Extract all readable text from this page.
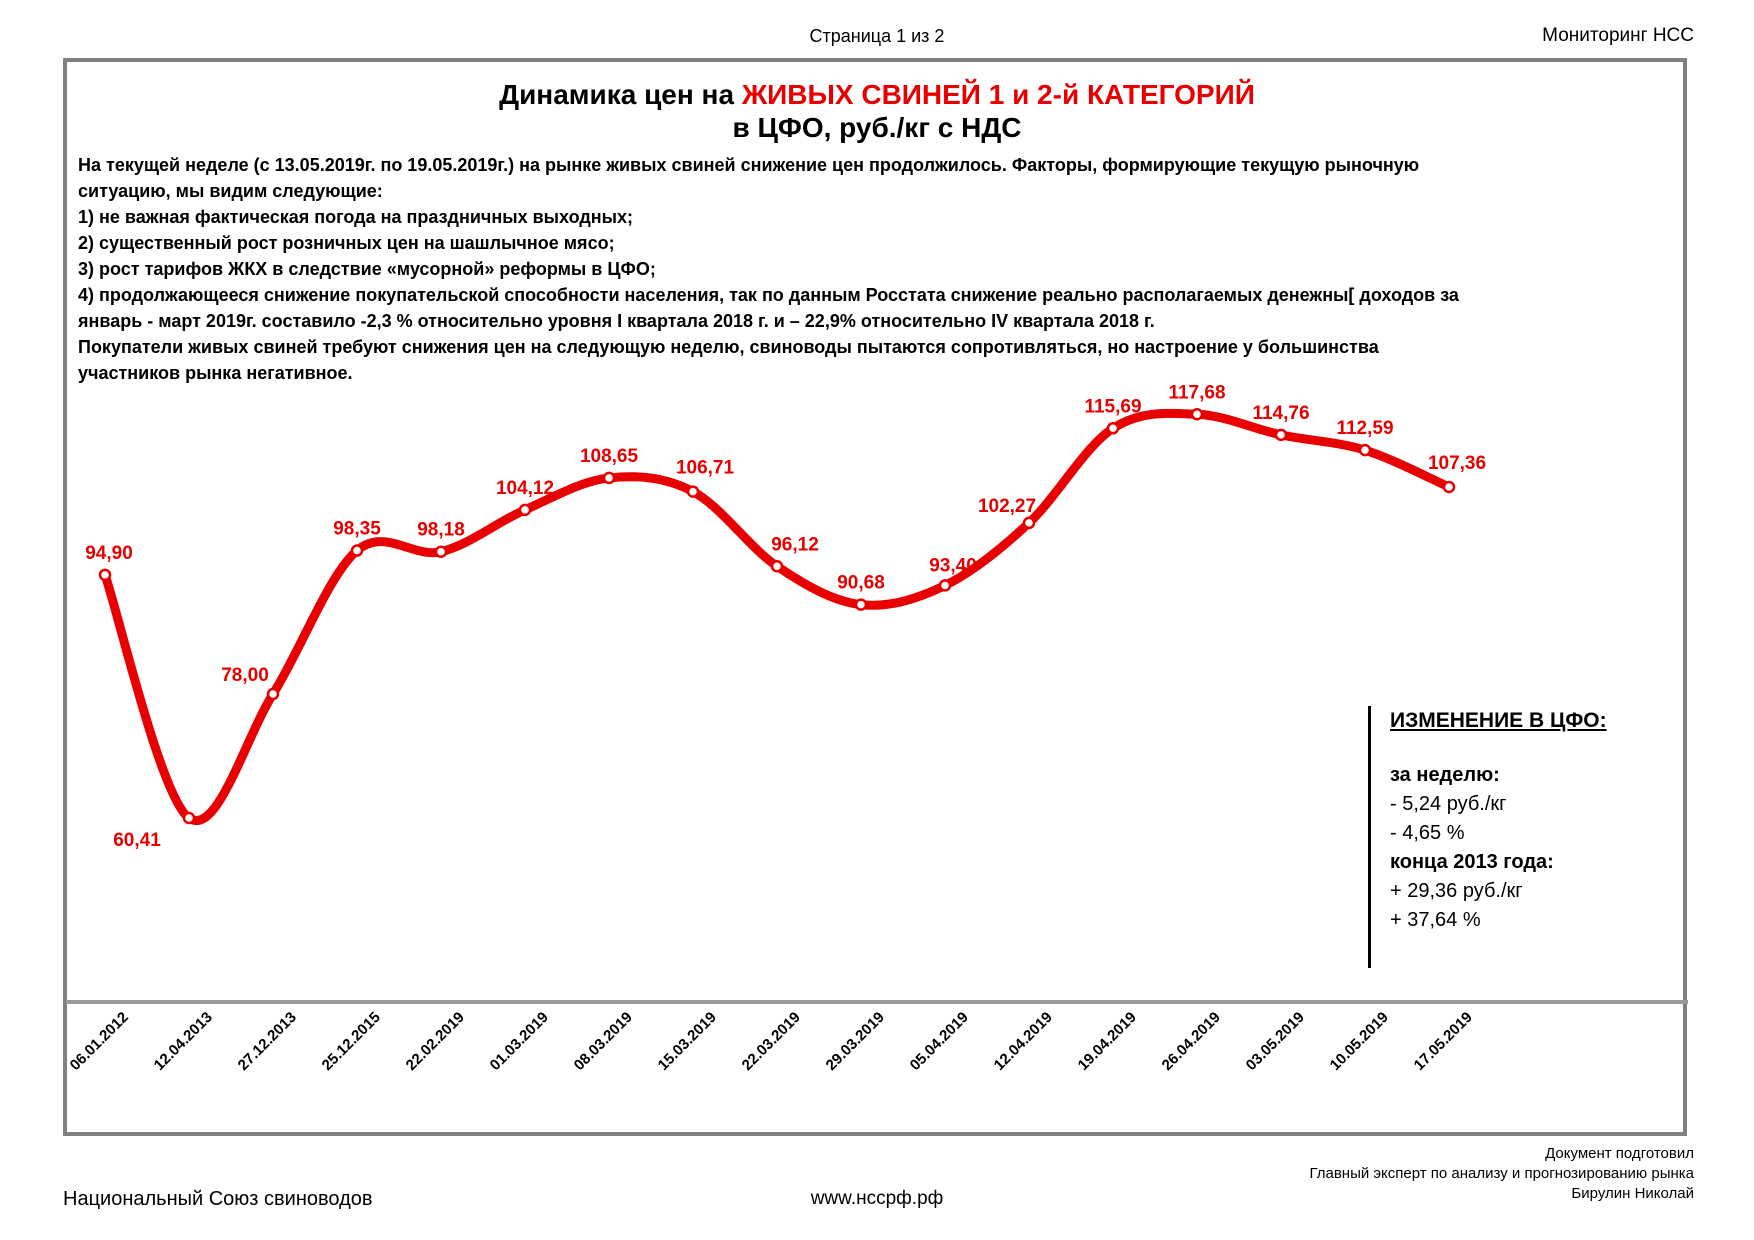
Страница 1 из 2	Мониторинг НСС
Динамика цен на ЖИВЫХ СВИНЕЙ 1 и 2-й КАТЕГОРИЙ
в ЦФО, руб./кг с НДС
На текущей неделе (с 13.05.2019г. по 19.05.2019г.) на рынке живых свиней снижение цен продолжилось. Факторы, формирующие текущую рыночную ситуацию, мы видим следующие:
1) не важная фактическая погода на праздничных выходных;
2) существенный рост розничных цен на шашлычное мясо;
3) рост тарифов ЖКХ в следствие «мусорной» реформы в ЦФО;
4) продолжающееся снижение покупательской способности населения, так по данным Росстата снижение реально располагаемых денежны[ доходов за январь - март 2019г. составило -2,3 % относительно уровня I квартала 2018 г. и – 22,9% относительно IV квартала 2018 г.
Покупатели живых свиней требуют снижения цен на следующую неделю, свиноводы пытаются сопротивляться, но настроение у большинства участников рынка негативное.
94,90
60,41
78,00
98,35 98,18
104,12
108,65
106,71
96,12
90,68
93,40
102,27
115,69
117,68
114,76
112,59
107,36
06.01.2012 12.04.2013 27.12.2013 25.12.2015 22.02.2019 01.03.2019 08.03.2019 15.03.2019 22.03.2019 29.03.2019 05.04.2019 12.04.2019 19.04.2019 26.04.2019 03.05.2019 10.05.2019 17.05.2019
ИЗМЕНЕНИЕ В ЦФО:
за неделю:
- 5,24 руб./кг
- 4,65 %
конца 2013 года:
+ 29,36 руб./кг
+ 37,64 %
Национальный Союз свиноводов	www.нссрф.рф
Документ подготовил
Главный эксперт по анализу и прогнозированию рынка
Бирулин Николай
